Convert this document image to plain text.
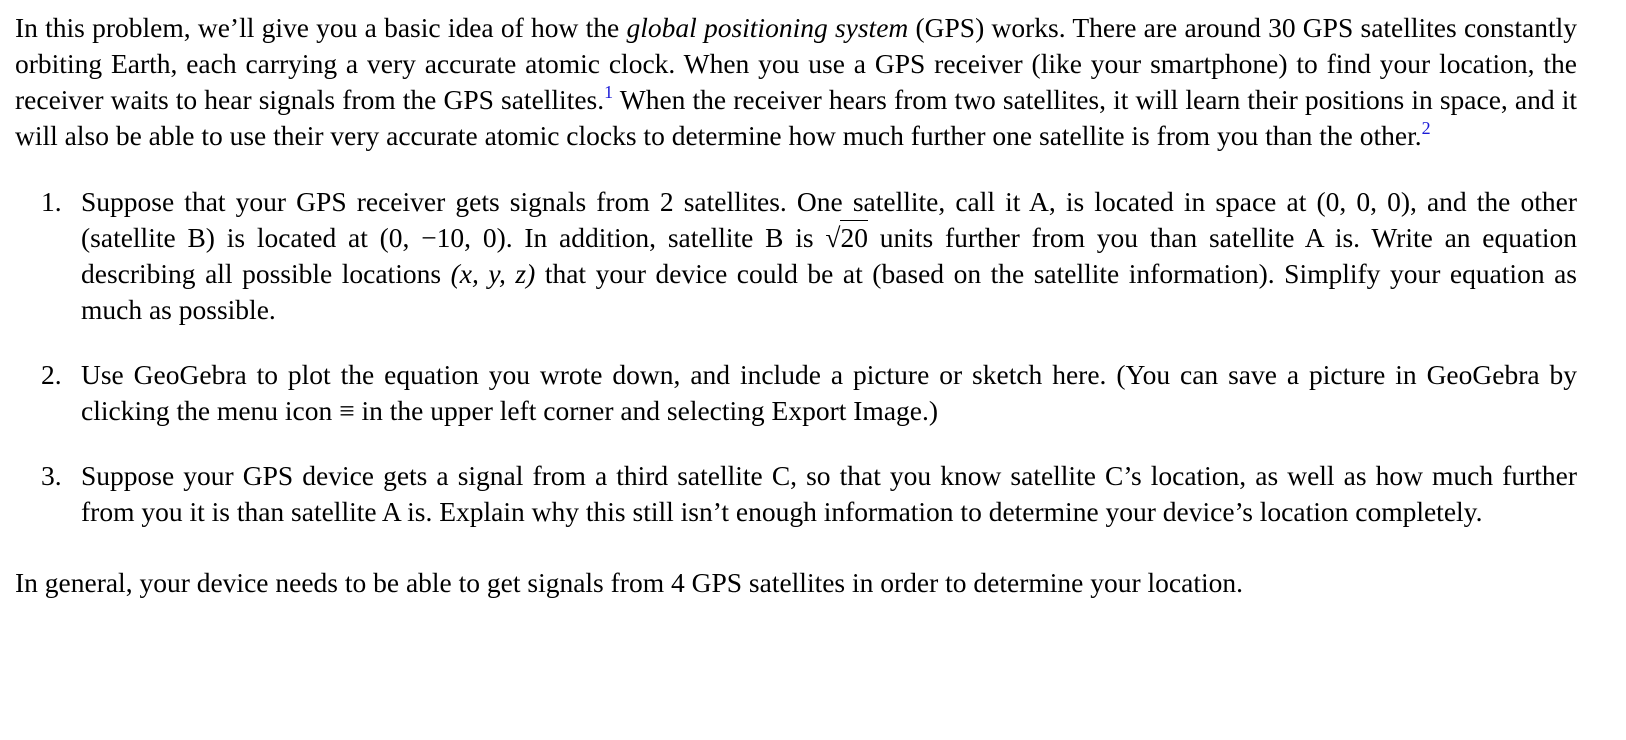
In this problem, we’ll give you a basic idea of how the global positioning system (GPS) works. There are around 30 GPS satellites constantly orbiting Earth, each carrying a very accurate atomic clock. When you use a GPS receiver (like your smartphone) to find your location, the receiver waits to hear signals from the GPS satellites.$^1$ When the receiver hears from two satellites, it will learn their positions in space, and it will also be able to use their very accurate atomic clocks to determine how much further one satellite is from you than the other.$^2$

1. Suppose that your GPS receiver gets signals from 2 satellites. One satellite, call it A, is located in space at (0, 0, 0), and the other (satellite B) is located at (0, −10, 0). In addition, satellite B is √20 units further from you than satellite A is. Write an equation describing all possible locations (x, y, z) that your device could be at (based on the satellite information). Simplify your equation as much as possible.
2. Use GeoGebra to plot the equation you wrote down, and include a picture or sketch here. (You can save a picture in GeoGebra by clicking the menu icon ≡ in the upper left corner and selecting Export Image.)
3. Suppose your GPS device gets a signal from a third satellite C, so that you know satellite C’s location, as well as how much further from you it is than satellite A is. Explain why this still isn’t enough information to determine your device’s location completely.

In general, your device needs to be able to get signals from 4 GPS satellites in order to determine your location.
